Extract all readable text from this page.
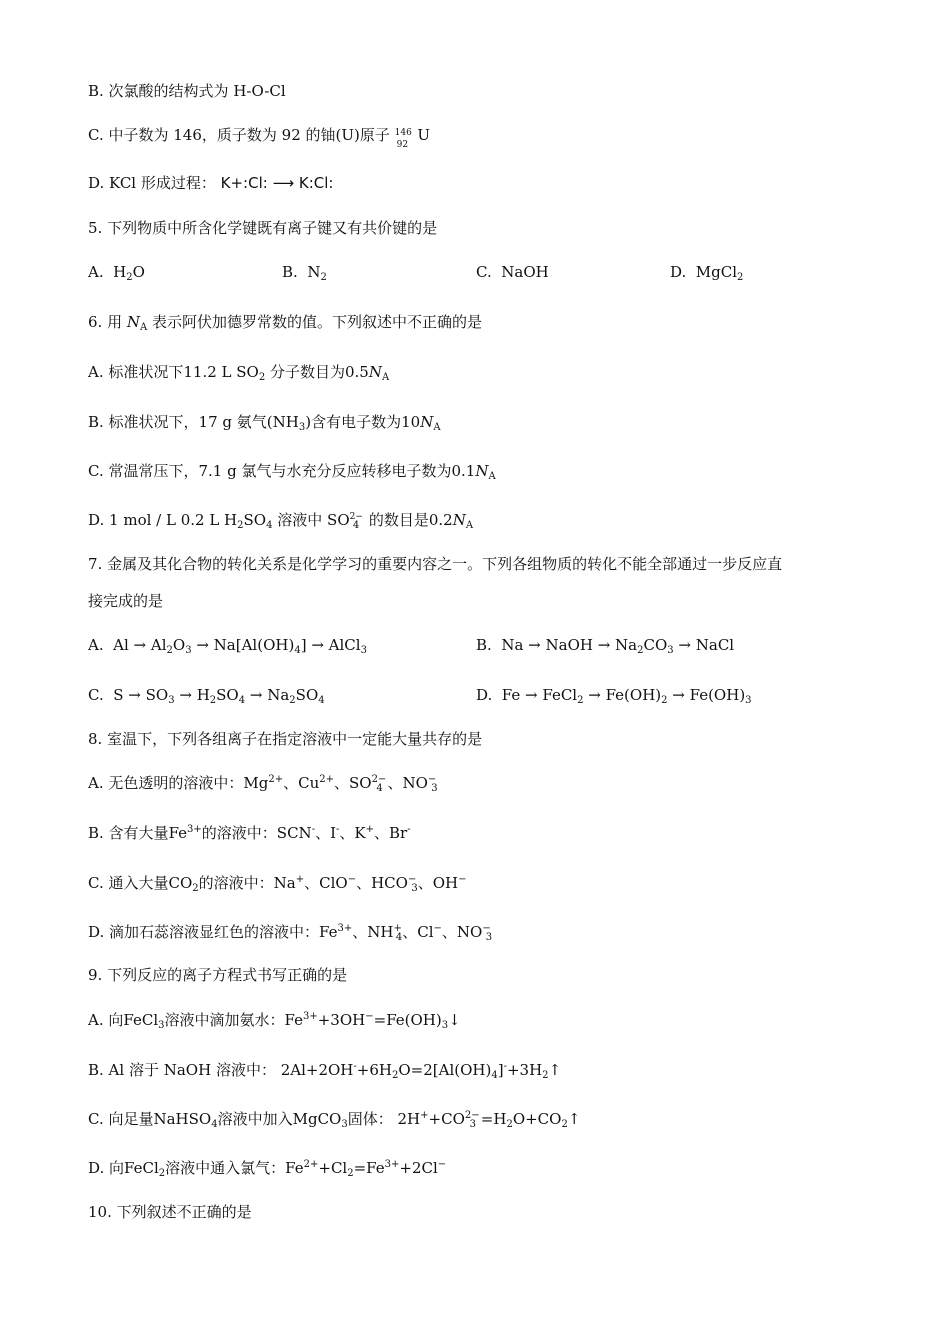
B. 次氯酸的结构式为 H-O-Cl
C. 中子数为 146，质子数为 92 的铀(U)原子 146
92
U
D. KCl 形成过程： K+:Cl: ⟶ K:Cl:
5. 下列物质中所含化学键既有离子键又有共价键的是
A.  $H_2O$	B.  $N_2$	C. NaOH	D.  MgCl$_2$
6. 用 $N_A$ 表示阿伏加德罗常数的值。下列叙述中不正确的是
A. 标准状况下11.2 L $SO_2$ 分子数目为$0.5N_A$
B. 标准状况下，17 g 氨气$(NH_3)$含有电子数为$10N_A$
C. 常温常压下，7.1 g 氯气与水充分反应转移电子数为$0.1N_A$
D. 1 mol / L 0.2 L $H_2SO_4$ 溶液中 $SO^{2-}_4$ 的数目是$0.2N_A$
7. 金属及其化合物的转化关系是化学学习的重要内容之一。下列各组物质的转化不能全部通过一步反应直
接完成的是
A.  $Al \to Al_2O_3 \to Na[Al(OH)_4]$ → AlCl$_3$	B.  Na → NaOH → $Na_2CO_3$ → NaCl
C.  $S \to SO_3 \to H_2SO_4 \to Na_2SO_4$	D.  Fe → FeCl$_2$ → $Fe(OH)_2 \to Fe(OH)_3$
8. 室温下，下列各组离子在指定溶液中一定能大量共存的是
A. 无色透明的溶液中：$Mg^{2+}$、$Cu^{2+}$、$SO^{2-}_4$ 、$NO^-_3$
B. 含有大量$Fe^{3+}$的溶液中：SCN-、I-、K+、Br-
C. 通入大量$CO_2$的溶液中：Na+、ClO−、$HCO^-_3$、OH−
D. 滴加石蕊溶液显红色的溶液中：$Fe^{3+}$、$NH^+_4$、Cl−、$NO^-_3$
9. 下列反应的离子方程式书写正确的是
A. 向FeCl$_3$溶液中滴加氨水：$Fe^{3+}+3OH^-=Fe(OH)_3↓$
B. Al 溶于 NaOH 溶液中： $2Al+2OH^-+6H_2O=2[Al(OH)_4]^-+3H_2↑$
C. 向足量NaHSO$_4$溶液中加入MgCO$_3$固体： $2H^++CO^{2-}_3$ $=H_2O+CO_2↑$
D. 向FeCl$_2$溶液中通入氯气：$Fe^{2+}+Cl_2=Fe^{3+}+2Cl^-$
10. 下列叙述不正确的是
